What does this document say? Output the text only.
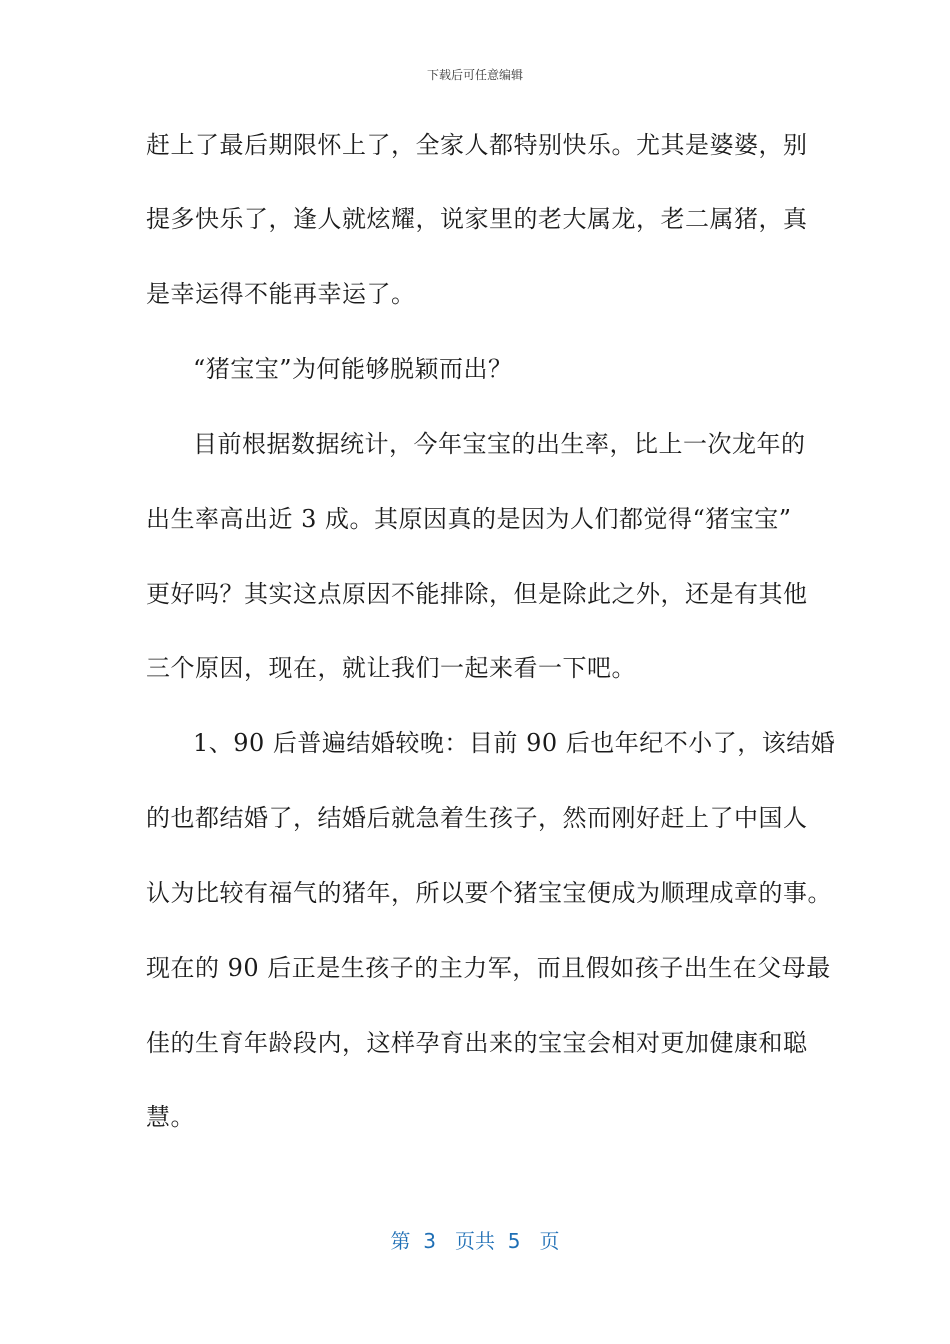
下载后可任意编辑
赶上了最后期限怀上了，全家人都特别快乐。尤其是婆婆，别
提多快乐了，逢人就炫耀，说家里的老大属龙，老二属猪，真
是幸运得不能再幸运了。
“猪宝宝”为何能够脱颖而出？
目前根据数据统计，今年宝宝的出生率，比上一次龙年的
出生率高出近 3 成。其原因真的是因为人们都觉得“猪宝宝”
更好吗？其实这点原因不能排除，但是除此之外，还是有其他
三个原因，现在，就让我们一起来看一下吧。
1、90 后普遍结婚较晚：目前 90 后也年纪不小了，该结婚
的也都结婚了，结婚后就急着生孩子，然而刚好赶上了中国人
认为比较有福气的猪年，所以要个猪宝宝便成为顺理成章的事。
现在的 90 后正是生孩子的主力军，而且假如孩子出生在父母最
佳的生育年龄段内，这样孕育出来的宝宝会相对更加健康和聪
慧。
第  3   页共  5   页
